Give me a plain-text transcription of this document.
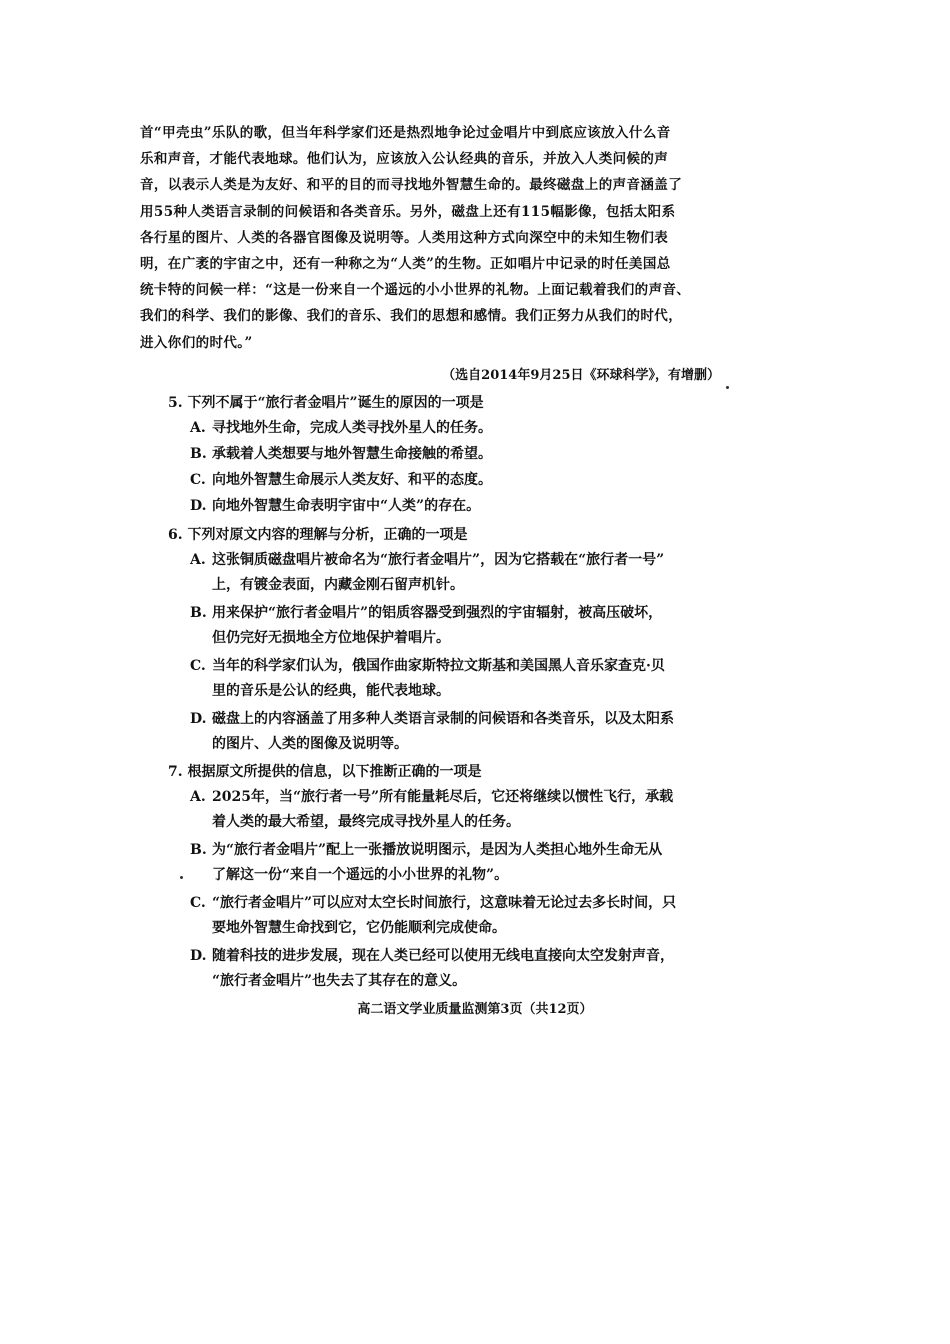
首“甲壳虫”乐队的歌，但当年科学家们还是热烈地争论过金唱片中到底应该放入什么音
乐和声音，才能代表地球。他们认为，应该放入公认经典的音乐，并放入人类问候的声
音，以表示人类是为友好、和平的目的而寻找地外智慧生命的。最终磁盘上的声音涵盖了
用55种人类语言录制的问候语和各类音乐。另外，磁盘上还有115幅影像，包括太阳系
各行星的图片、人类的各器官图像及说明等。人类用这种方式向深空中的未知生物们表
明，在广袤的宇宙之中，还有一种称之为“人类”的生物。正如唱片中记录的时任美国总
统卡特的问候一样：“这是一份来自一个遥远的小小世界的礼物。上面记载着我们的声音、
我们的科学、我们的影像、我们的音乐、我们的思想和感情。我们正努力从我们的时代，
进入你们的时代。”
（选自2014年9月25日《环球科学》，有增删）
5. 下列不属于“旅行者金唱片”诞生的原因的一项是
A. 寻找地外生命，完成人类寻找外星人的任务。
B. 承载着人类想要与地外智慧生命接触的希望。
C. 向地外智慧生命展示人类友好、和平的态度。
D. 向地外智慧生命表明宇宙中“人类”的存在。
6. 下列对原文内容的理解与分析，正确的一项是
A. 这张铜质磁盘唱片被命名为“旅行者金唱片”，因为它搭载在“旅行者一号”
上，有镀金表面，内藏金刚石留声机针。
B. 用来保护“旅行者金唱片”的铝质容器受到强烈的宇宙辐射，被高压破坏，
但仍完好无损地全方位地保护着唱片。
C. 当年的科学家们认为，俄国作曲家斯特拉文斯基和美国黑人音乐家查克·贝
里的音乐是公认的经典，能代表地球。
D. 磁盘上的内容涵盖了用多种人类语言录制的问候语和各类音乐，以及太阳系
的图片、人类的图像及说明等。
7. 根据原文所提供的信息，以下推断正确的一项是
A. 2025年，当“旅行者一号”所有能量耗尽后，它还将继续以惯性飞行，承载
着人类的最大希望，最终完成寻找外星人的任务。
B. 为“旅行者金唱片”配上一张播放说明图示，是因为人类担心地外生命无从
了解这一份“来自一个遥远的小小世界的礼物”。
C. “旅行者金唱片”可以应对太空长时间旅行，这意味着无论过去多长时间，只
要地外智慧生命找到它，它仍能顺利完成使命。
D. 随着科技的进步发展，现在人类已经可以使用无线电直接向太空发射声音，
“旅行者金唱片”也失去了其存在的意义。
高二语文学业质量监测第3页（共12页）
